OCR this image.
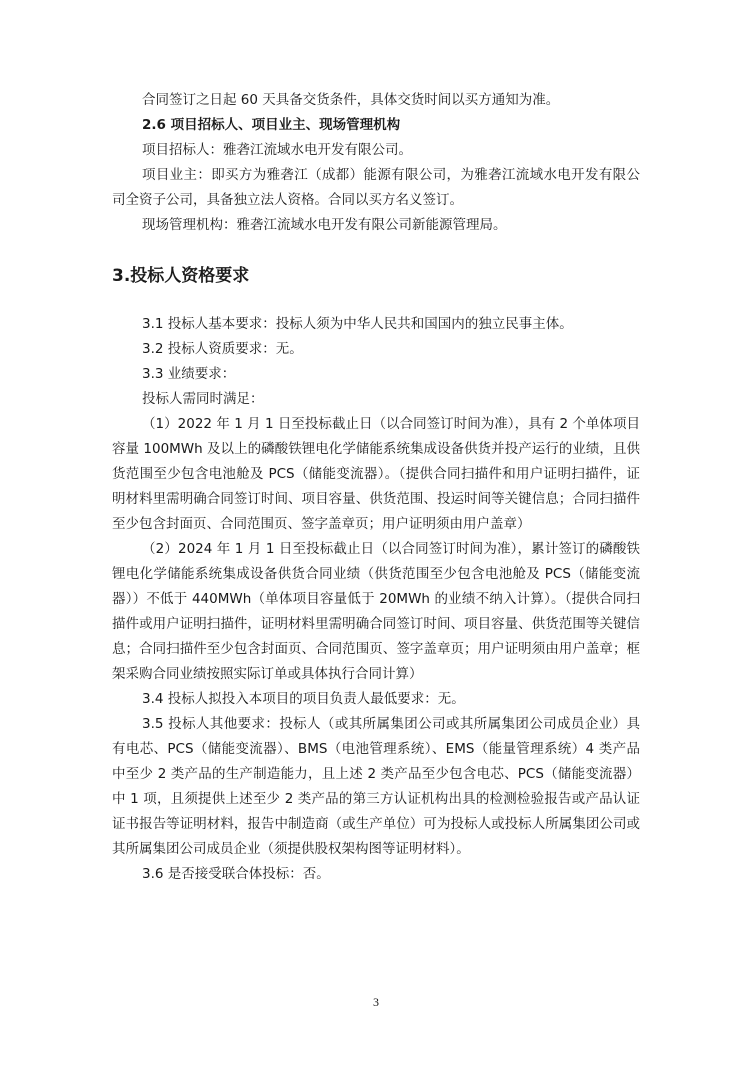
合同签订之日起 60 天具备交货条件，具体交货时间以买方通知为准。

2.6 项目招标人、项目业主、现场管理机构

项目招标人：雅砻江流域水电开发有限公司。

项目业主：即买方为雅砻江（成都）能源有限公司，为雅砻江流域水电开发有限公司全资子公司，具备独立法人资格。合同以买方名义签订。

现场管理机构：雅砻江流域水电开发有限公司新能源管理局。

3.投标人资格要求

3.1 投标人基本要求：投标人须为中华人民共和国国内的独立民事主体。

3.2 投标人资质要求：无。

3.3 业绩要求：

投标人需同时满足：

（1）2022 年 1 月 1 日至投标截止日（以合同签订时间为准），具有 2 个单体项目容量 100MWh 及以上的磷酸铁锂电化学储能系统集成设备供货并投产运行的业绩，且供货范围至少包含电池舱及 PCS（储能变流器）。（提供合同扫描件和用户证明扫描件，证明材料里需明确合同签订时间、项目容量、供货范围、投运时间等关键信息；合同扫描件至少包含封面页、合同范围页、签字盖章页；用户证明须由用户盖章）

（2）2024 年 1 月 1 日至投标截止日（以合同签订时间为准），累计签订的磷酸铁锂电化学储能系统集成设备供货合同业绩（供货范围至少包含电池舱及 PCS（储能变流器））不低于 440MWh（单体项目容量低于 20MWh 的业绩不纳入计算）。（提供合同扫描件或用户证明扫描件，证明材料里需明确合同签订时间、项目容量、供货范围等关键信息；合同扫描件至少包含封面页、合同范围页、签字盖章页；用户证明须由用户盖章；框架采购合同业绩按照实际订单或具体执行合同计算）

3.4 投标人拟投入本项目的项目负责人最低要求：无。

3.5 投标人其他要求：投标人（或其所属集团公司或其所属集团公司成员企业）具有电芯、PCS（储能变流器）、BMS（电池管理系统）、EMS（能量管理系统）4 类产品中至少 2 类产品的生产制造能力，且上述 2 类产品至少包含电芯、PCS（储能变流器）中 1 项，且须提供上述至少 2 类产品的第三方认证机构出具的检测检验报告或产品认证证书报告等证明材料，报告中制造商（或生产单位）可为投标人或投标人所属集团公司或其所属集团公司成员企业（须提供股权架构图等证明材料）。

3.6 是否接受联合体投标：否。

3
